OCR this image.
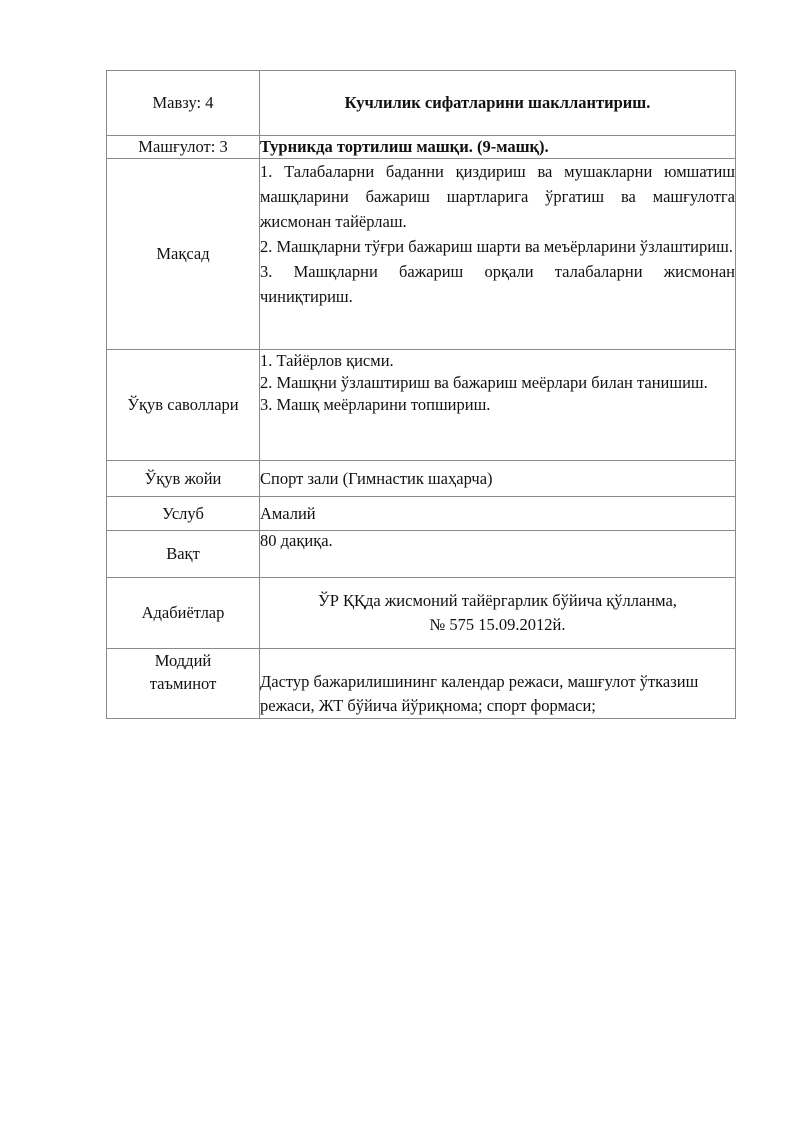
Мавзу: 4	Кучлилик сифатларини шакллантириш.
Машғулот: 3	Турникда тортилиш машқи. (9-машқ).
Мақсад	1. Талабаларни баданни қиздириш ва мушакларни юмшатиш машқларини бажариш шартларига ўргатиш ва машғулотга жисмонан тайёрлаш.
2. Машқларни тўғри бажариш шарти ва меъёрларини ўзлаштириш.
3. Машқларни бажариш орқали талабаларни жисмонан чиниқтириш.

Ўқув саволлари	1. Тайёрлов қисми.
2. Машқни ўзлаштириш ва бажариш меёрлари билан танишиш.
3. Машқ меёрларини топшириш.

Ўқув жойи	Спорт зали (Гимнастик шаҳарча)
Услуб	Амалий
Вақт	80 дақиқа.
Адабиётлар	ЎР ҚҚда жисмоний тайёргарлик бўйича қўлланма,
№ 575 15.09.2012й.

Моддий
таъминот	Дастур бажарилишининг календар режаси, машғулот ўтказиш режаси, ЖТ бўйича йўриқнома; спорт формаси;
